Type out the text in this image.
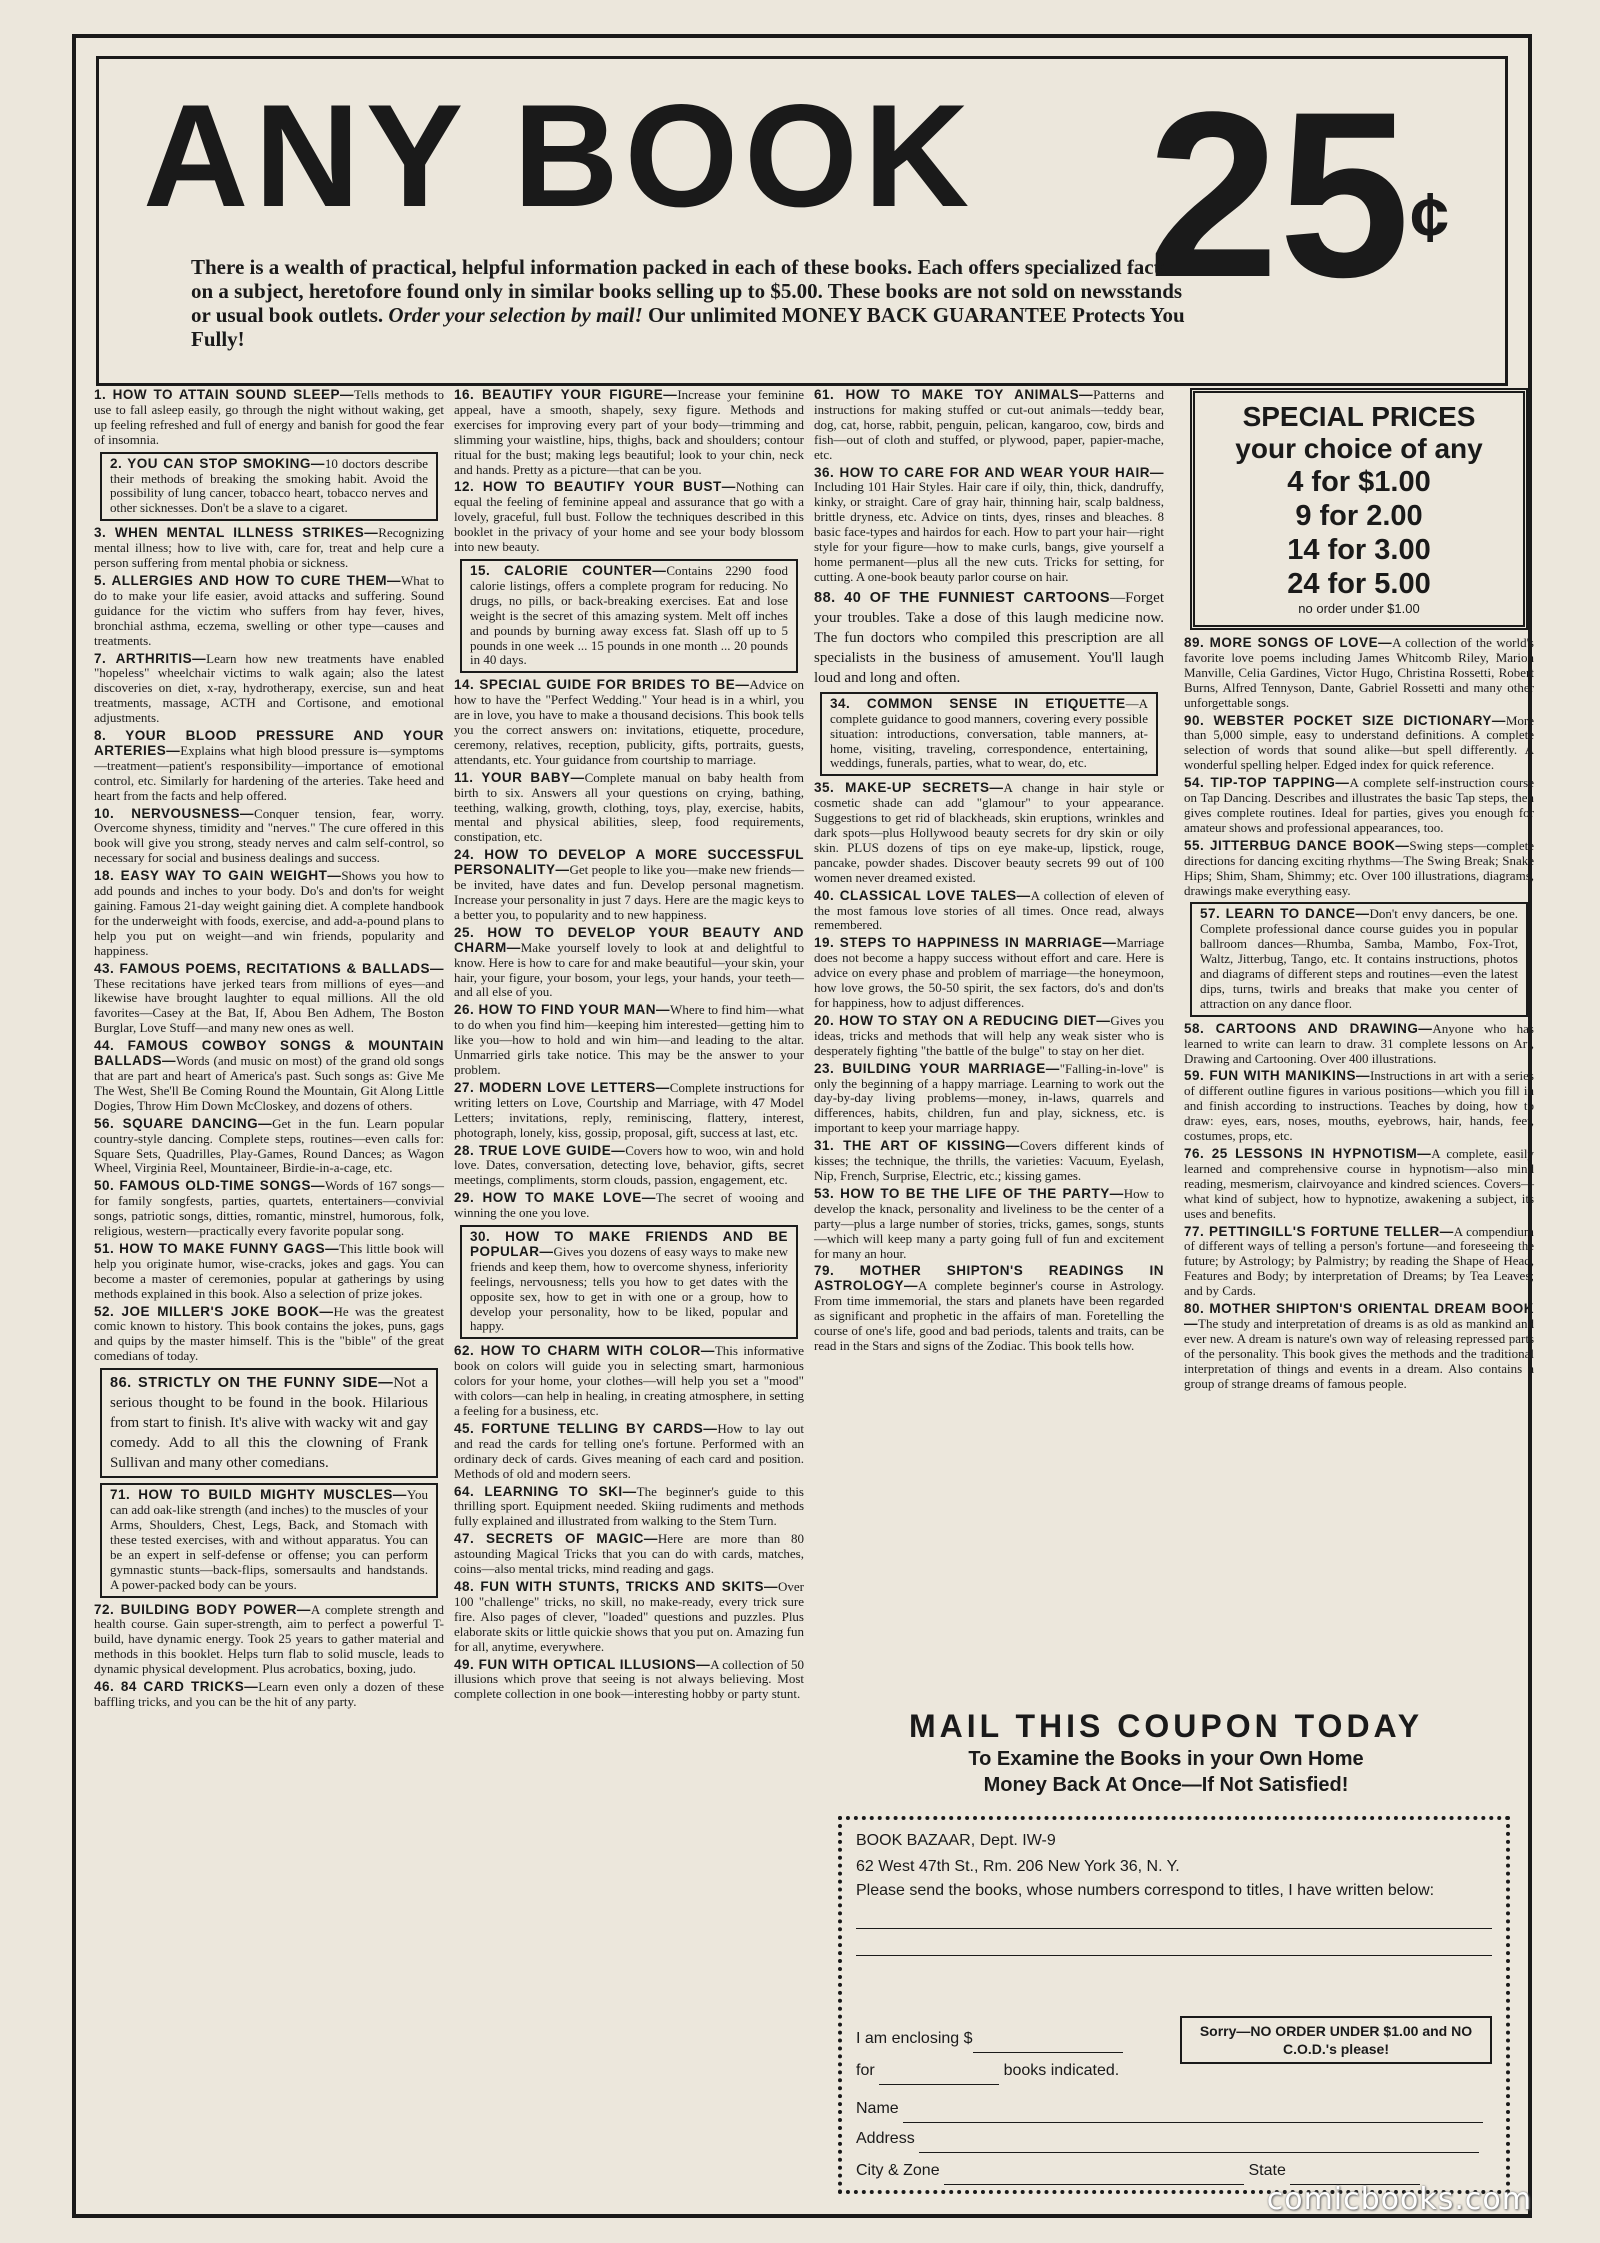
ANY BOOK 25¢
There is a wealth of practical, helpful information packed in each of these books. Each offers specialized facts on a subject, heretofore found only in similar books selling up to $5.00. These books are not sold on newsstands or usual book outlets. Order your selection by mail! Our unlimited MONEY BACK GUARANTEE Protects You Fully!
1. HOW TO ATTAIN SOUND SLEEP—Tells methods to use to fall asleep easily, go through the night without waking, get up feeling refreshed and full of energy and banish for good the fear of insomnia.
2. YOU CAN STOP SMOKING—10 doctors describe their methods of breaking the smoking habit. Avoid the possibility of lung cancer, tobacco heart, tobacco nerves and other sicknesses. Don't be a slave to a cigaret.
3. WHEN MENTAL ILLNESS STRIKES—Recognizing mental illness; how to live with, care for, treat and help cure a person suffering from mental phobia or sickness.
5. ALLERGIES AND HOW TO CURE THEM—What to do to make your life easier, avoid attacks and suffering. Sound guidance for the victim who suffers from hay fever, hives, bronchial asthma, eczema, swelling or other type—causes and treatments.
7. ARTHRITIS—Learn how new treatments have enabled "hopeless" wheelchair victims to walk again; also the latest discoveries on diet, x-ray, hydrotherapy, exercise, sun and heat treatments, massage, ACTH and Cortisone, and emotional adjustments.
8. YOUR BLOOD PRESSURE AND YOUR ARTERIES—Explains what high blood pressure is—symptoms—treatment—patient's responsibility—importance of emotional control, etc. Similarly for hardening of the arteries. Take heed and heart from the facts and help offered.
10. NERVOUSNESS—Conquer tension, fear, worry. Overcome shyness, timidity and "nerves." The cure offered in this book will give you strong, steady nerves and calm self-control, so necessary for social and business dealings and success.
18. EASY WAY TO GAIN WEIGHT—Shows you how to add pounds and inches to your body. Do's and don'ts for weight gaining. Famous 21-day weight gaining diet. A complete handbook for the underweight with foods, exercise, and add-a-pound plans to help you put on weight—and win friends, popularity and happiness.
43. FAMOUS POEMS, RECITATIONS & BALLADS—These recitations have jerked tears from millions of eyes—and likewise have brought laughter to equal millions. All the old favorites—Casey at the Bat, If, Abou Ben Adhem, The Boston Burglar, Love Stuff—and many new ones as well.
44. FAMOUS COWBOY SONGS & MOUNTAIN BALLADS—Words (and music on most) of the grand old songs that are part and heart of America's past. Such songs as: Give Me The West, She'll Be Coming Round the Mountain, Git Along Little Dogies, Throw Him Down McCloskey, and dozens of others.
56. SQUARE DANCING—Get in the fun. Learn popular country-style dancing. Complete steps, routines—even calls for: Square Sets, Quadrilles, Play-Games, Round Dances; as Wagon Wheel, Virginia Reel, Mountaineer, Birdie-in-a-cage, etc.
50. FAMOUS OLD-TIME SONGS—Words of 167 songs—for family songfests, parties, quartets, entertainers—convivial songs, patriotic songs, ditties, romantic, minstrel, humorous, folk, religious, western—practically every favorite popular song.
51. HOW TO MAKE FUNNY GAGS—This little book will help you originate humor, wise-cracks, jokes and gags. You can become a master of ceremonies, popular at gatherings by using methods explained in this book. Also a selection of prize jokes.
52. JOE MILLER'S JOKE BOOK—He was the greatest comic known to history. This book contains the jokes, puns, gags and quips by the master himself. This is the "bible" of the great comedians of today.
86. STRICTLY ON THE FUNNY SIDE—Not a serious thought to be found in the book. Hilarious from start to finish. It's alive with wacky wit and gay comedy. Add to all this the clowning of Frank Sullivan and many other comedians.
71. HOW TO BUILD MIGHTY MUSCLES—You can add oak-like strength (and inches) to the muscles of your Arms, Shoulders, Chest, Legs, Back, and Stomach with these tested exercises, with and without apparatus. You can be an expert in self-defense or offense; you can perform gymnastic stunts—back-flips, somersaults and handstands. A power-packed body can be yours.
72. BUILDING BODY POWER—A complete strength and health course. Gain super-strength, aim to perfect a powerful T-build, have dynamic energy. Took 25 years to gather material and methods in this booklet. Helps turn flab to solid muscle, leads to dynamic physical development. Plus acrobatics, boxing, judo.
46. 84 CARD TRICKS—Learn even only a dozen of these baffling tricks, and you can be the hit of any party.
16. BEAUTIFY YOUR FIGURE—Increase your feminine appeal, have a smooth, shapely, sexy figure. Methods and exercises for improving every part of your body—trimming and slimming your waistline, hips, thighs, back and shoulders; contour ritual for the bust; making legs beautiful; look to your chin, neck and hands. Pretty as a picture—that can be you.
12. HOW TO BEAUTIFY YOUR BUST—Nothing can equal the feeling of feminine appeal and assurance that go with a lovely, graceful, full bust. Follow the techniques described in this booklet in the privacy of your home and see your body blossom into new beauty.
15. CALORIE COUNTER—Contains 2290 food calorie listings, offers a complete program for reducing. No drugs, no pills, or back-breaking exercises. Eat and lose weight is the secret of this amazing system. Melt off inches and pounds by burning away excess fat. Slash off up to 5 pounds in one week ... 15 pounds in one month ... 20 pounds in 40 days.
14. SPECIAL GUIDE FOR BRIDES TO BE—Advice on how to have the "Perfect Wedding." Your head is in a whirl, you are in love, you have to make a thousand decisions. This book tells you the correct answers on: invitations, etiquette, procedure, ceremony, relatives, reception, publicity, gifts, portraits, guests, attendants, etc. Your guidance from courtship to marriage.
11. YOUR BABY—Complete manual on baby health from birth to six. Answers all your questions on crying, bathing, teething, walking, growth, clothing, toys, play, exercise, habits, mental and physical abilities, sleep, food requirements, constipation, etc.
24. HOW TO DEVELOP A MORE SUCCESSFUL PERSONALITY—Get people to like you—make new friends—be invited, have dates and fun. Develop personal magnetism. Increase your personality in just 7 days. Here are the magic keys to a better you, to popularity and to new happiness.
25. HOW TO DEVELOP YOUR BEAUTY AND CHARM—Make yourself lovely to look at and delightful to know. Here is how to care for and make beautiful—your skin, your hair, your figure, your bosom, your legs, your hands, your teeth—and all else of you.
26. HOW TO FIND YOUR MAN—Where to find him—what to do when you find him—keeping him interested—getting him to like you—how to hold and win him—and leading to the altar. Unmarried girls take notice. This may be the answer to your problem.
27. MODERN LOVE LETTERS—Complete instructions for writing letters on Love, Courtship and Marriage, with 47 Model Letters; invitations, reply, reminiscing, flattery, interest, photograph, lonely, kiss, gossip, proposal, gift, success at last, etc.
28. TRUE LOVE GUIDE—Covers how to woo, win and hold love. Dates, conversation, detecting love, behavior, gifts, secret meetings, compliments, storm clouds, passion, engagement, etc.
29. HOW TO MAKE LOVE—The secret of wooing and winning the one you love.
30. HOW TO MAKE FRIENDS AND BE POPULAR—Gives you dozens of easy ways to make new friends and keep them, how to overcome shyness, inferiority feelings, nervousness; tells you how to get dates with the opposite sex, how to get in with one or a group, how to develop your personality, how to be liked, popular and happy.
62. HOW TO CHARM WITH COLOR—This informative book on colors will guide you in selecting smart, harmonious colors for your home, your clothes—will help you set a "mood" with colors—can help in healing, in creating atmosphere, in setting a feeling for a business, etc.
45. FORTUNE TELLING BY CARDS—How to lay out and read the cards for telling one's fortune. Performed with an ordinary deck of cards. Gives meaning of each card and position. Methods of old and modern seers.
64. LEARNING TO SKI—The beginner's guide to this thrilling sport. Equipment needed. Skiing rudiments and methods fully explained and illustrated from walking to the Stem Turn.
47. SECRETS OF MAGIC—Here are more than 80 astounding Magical Tricks that you can do with cards, matches, coins—also mental tricks, mind reading and gags.
48. FUN WITH STUNTS, TRICKS AND SKITS—Over 100 "challenge" tricks, no skill, no make-ready, every trick sure fire. Also pages of clever, "loaded" questions and puzzles. Plus elaborate skits or little quickie shows that you put on. Amazing fun for all, anytime, everywhere.
49. FUN WITH OPTICAL ILLUSIONS—A collection of 50 illusions which prove that seeing is not always believing. Most complete collection in one book—interesting hobby or party stunt.
61. HOW TO MAKE TOY ANIMALS—Patterns and instructions for making stuffed or cut-out animals—teddy bear, dog, cat, horse, rabbit, penguin, pelican, kangaroo, cow, birds and fish—out of cloth and stuffed, or plywood, paper, papier-mache, etc.
36. HOW TO CARE FOR AND WEAR YOUR HAIR—Including 101 Hair Styles. Hair care if oily, thin, thick, dandruffy, kinky, or straight. Care of gray hair, thinning hair, scalp baldness, brittle dryness, etc. Advice on tints, dyes, rinses and bleaches. 8 basic face-types and hairdos for each. How to part your hair—right style for your figure—how to make curls, bangs, give yourself a home permanent—plus all the new cuts. Tricks for setting, for cutting. A one-book beauty parlor course on hair.
88. 40 OF THE FUNNIEST CARTOONS—Forget your troubles. Take a dose of this laugh medicine now. The fun doctors who compiled this prescription are all specialists in the business of amusement. You'll laugh loud and long and often.
34. COMMON SENSE IN ETIQUETTE—A complete guidance to good manners, covering every possible situation: introductions, conversation, table manners, at-home, visiting, traveling, correspondence, entertaining, weddings, funerals, parties, what to wear, do, etc.
35. MAKE-UP SECRETS—A change in hair style or cosmetic shade can add "glamour" to your appearance. Suggestions to get rid of blackheads, skin eruptions, wrinkles and dark spots—plus Hollywood beauty secrets for dry skin or oily skin. PLUS dozens of tips on eye make-up, lipstick, rouge, pancake, powder shades. Discover beauty secrets 99 out of 100 women never dreamed existed.
40. CLASSICAL LOVE TALES—A collection of eleven of the most famous love stories of all times. Once read, always remembered.
19. STEPS TO HAPPINESS IN MARRIAGE—Marriage does not become a happy success without effort and care. Here is advice on every phase and problem of marriage—the honeymoon, how love grows, the 50-50 spirit, the sex factors, do's and don'ts for happiness, how to adjust differences.
20. HOW TO STAY ON A REDUCING DIET—Gives you ideas, tricks and methods that will help any weak sister who is desperately fighting "the battle of the bulge" to stay on her diet.
23. BUILDING YOUR MARRIAGE—"Falling-in-love" is only the beginning of a happy marriage. Learning to work out the day-by-day living problems—money, in-laws, quarrels and differences, habits, children, fun and play, sickness, etc. is important to keep your marriage happy.
31. THE ART OF KISSING—Covers different kinds of kisses; the technique, the thrills, the varieties: Vacuum, Eyelash, Nip, French, Surprise, Electric, etc.; kissing games.
53. HOW TO BE THE LIFE OF THE PARTY—How to develop the knack, personality and liveliness to be the center of a party—plus a large number of stories, tricks, games, songs, stunts—which will keep many a party going full of fun and excitement for many an hour.
79. MOTHER SHIPTON'S READINGS IN ASTROLOGY—A complete beginner's course in Astrology. From time immemorial, the stars and planets have been regarded as significant and prophetic in the affairs of man. Foretelling the course of one's life, good and bad periods, talents and traits, can be read in the Stars and signs of the Zodiac. This book tells how.
SPECIAL PRICES
your choice of any
4 for $1.00
9 for 2.00
14 for 3.00
24 for 5.00
no order under $1.00
89. MORE SONGS OF LOVE—A collection of the world's favorite love poems including James Whitcomb Riley, Marion Manville, Celia Gardines, Victor Hugo, Christina Rossetti, Robert Burns, Alfred Tennyson, Dante, Gabriel Rossetti and many other unforgettable songs.
90. WEBSTER POCKET SIZE DICTIONARY—More than 5,000 simple, easy to understand definitions. A complete selection of words that sound alike—but spell differently. A wonderful spelling helper. Edged index for quick reference.
54. TIP-TOP TAPPING—A complete self-instruction course on Tap Dancing. Describes and illustrates the basic Tap steps, then gives complete routines. Ideal for parties, gives you enough for amateur shows and professional appearances, too.
55. JITTERBUG DANCE BOOK—Swing steps—complete directions for dancing exciting rhythms—The Swing Break; Snake Hips; Shim, Sham, Shimmy; etc. Over 100 illustrations, diagrams, drawings make everything easy.
57. LEARN TO DANCE—Don't envy dancers, be one. Complete professional dance course guides you in popular ballroom dances—Rhumba, Samba, Mambo, Fox-Trot, Waltz, Jitterbug, Tango, etc. It contains instructions, photos and diagrams of different steps and routines—even the latest dips, turns, twirls and breaks that make you center of attraction on any dance floor.
58. CARTOONS AND DRAWING—Anyone who has learned to write can learn to draw. 31 complete lessons on Art, Drawing and Cartooning. Over 400 illustrations.
59. FUN WITH MANIKINS—Instructions in art with a series of different outline figures in various positions—which you fill in and finish according to instructions. Teaches by doing, how to draw: eyes, ears, noses, mouths, eyebrows, hair, hands, feet, costumes, props, etc.
76. 25 LESSONS IN HYPNOTISM—A complete, easily learned and comprehensive course in hypnotism—also mind reading, mesmerism, clairvoyance and kindred sciences. Covers—what kind of subject, how to hypnotize, awakening a subject, its uses and benefits.
77. PETTINGILL'S FORTUNE TELLER—A compendium of different ways of telling a person's fortune—and foreseeing the future; by Astrology; by Palmistry; by reading the Shape of Head, Features and Body; by interpretation of Dreams; by Tea Leaves; and by Cards.
80. MOTHER SHIPTON'S ORIENTAL DREAM BOOK—The study and interpretation of dreams is as old as mankind and ever new. A dream is nature's own way of releasing repressed parts of the personality. This book gives the methods and the traditional interpretation of things and events in a dream. Also contains a group of strange dreams of famous people.
MAIL THIS COUPON TODAY
To Examine the Books in your Own Home
Money Back At Once—If Not Satisfied!
BOOK BAZAAR, Dept. IW-9
62 West 47th St., Rm. 206 New York 36, N. Y.
Please send the books, whose numbers correspond to titles, I have written below:
I am enclosing $
for	books indicated.
Sorry—NO ORDER UNDER $1.00 and NO C.O.D.'s please!
Name
Address
City & Zone	State
comicbooks.com
